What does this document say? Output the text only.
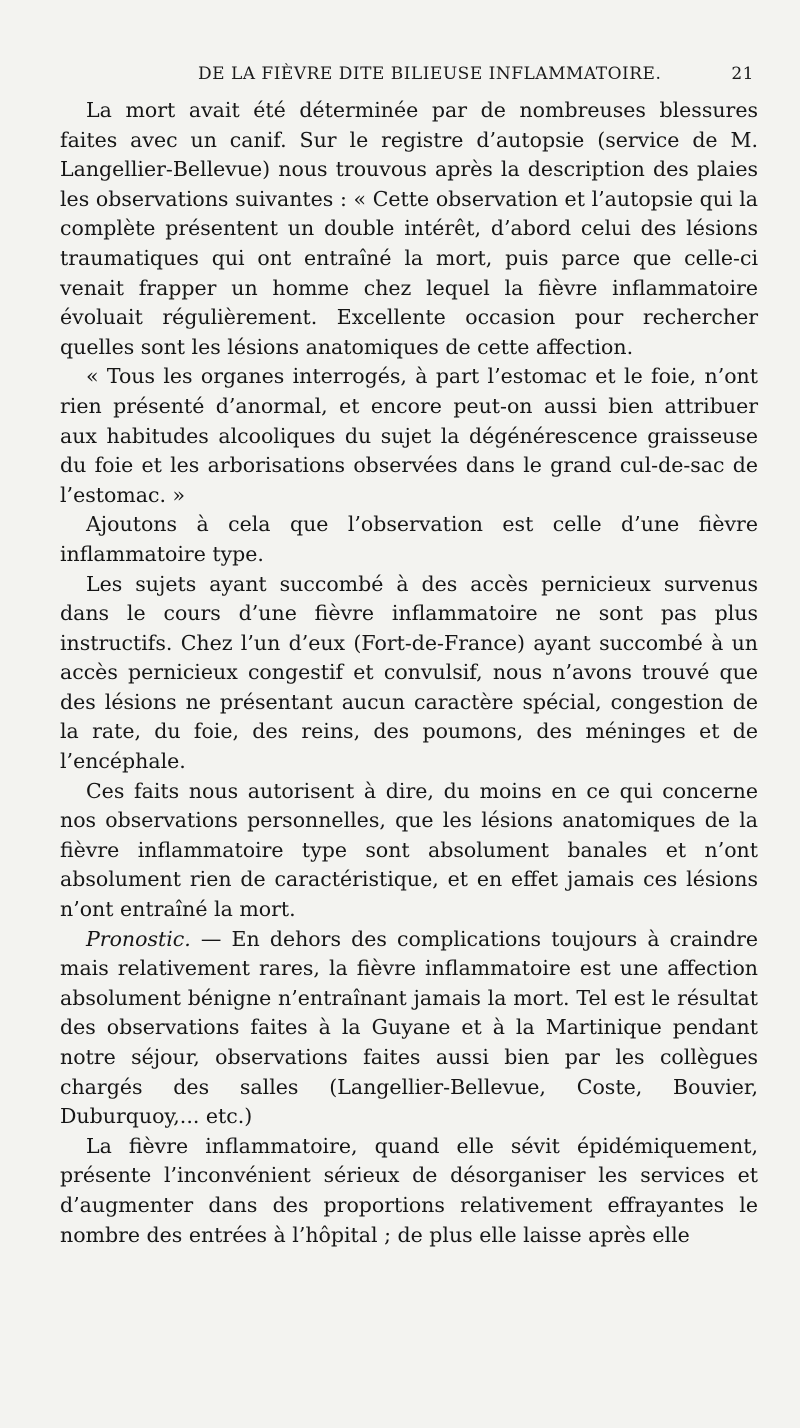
DE LA FIÈVRE DITE BILIEUSE INFLAMMATOIRE.	21

La mort avait été déterminée par de nombreuses blessures faites avec un canif. Sur le registre d’autopsie (service de M. Langellier-Bellevue) nous trouvous après la description des plaies les observations suivantes : « Cette observation et l’autopsie qui la complète présentent un double intérêt, d’abord celui des lésions traumatiques qui ont entraîné la mort, puis parce que celle-ci venait frapper un homme chez lequel la fièvre inflammatoire évoluait régulièrement. Excellente occasion pour rechercher quelles sont les lésions anatomiques de cette affection.

« Tous les organes interrogés, à part l’estomac et le foie, n’ont rien présenté d’anormal, et encore peut-on aussi bien attribuer aux habitudes alcooliques du sujet la dégénérescence graisseuse du foie et les arborisations observées dans le grand cul-de-sac de l’estomac. »

Ajoutons à cela que l’observation est celle d’une fièvre inflammatoire type.

Les sujets ayant succombé à des accès pernicieux survenus dans le cours d’une fièvre inflammatoire ne sont pas plus instructifs. Chez l’un d’eux (Fort-de-France) ayant succombé à un accès pernicieux congestif et convulsif, nous n’avons trouvé que des lésions ne présentant aucun caractère spécial, congestion de la rate, du foie, des reins, des poumons, des méninges et de l’encéphale.

Ces faits nous autorisent à dire, du moins en ce qui concerne nos observations personnelles, que les lésions anatomiques de la fièvre inflammatoire type sont absolument banales et n’ont absolument rien de caractéristique, et en effet jamais ces lésions n’ont entraîné la mort.

Pronostic. — En dehors des complications toujours à craindre mais relativement rares, la fièvre inflammatoire est une affection absolument bénigne n’entraînant jamais la mort. Tel est le résultat des observations faites à la Guyane et à la Martinique pendant notre séjour, observations faites aussi bien par les collègues chargés des salles (Langellier-Bellevue, Coste, Bouvier, Duburquoy,... etc.)

La fièvre inflammatoire, quand elle sévit épidémiquement, présente l’inconvénient sérieux de désorganiser les services et d’augmenter dans des proportions relativement effrayantes le nombre des entrées à l’hôpital ; de plus elle laisse après elle
